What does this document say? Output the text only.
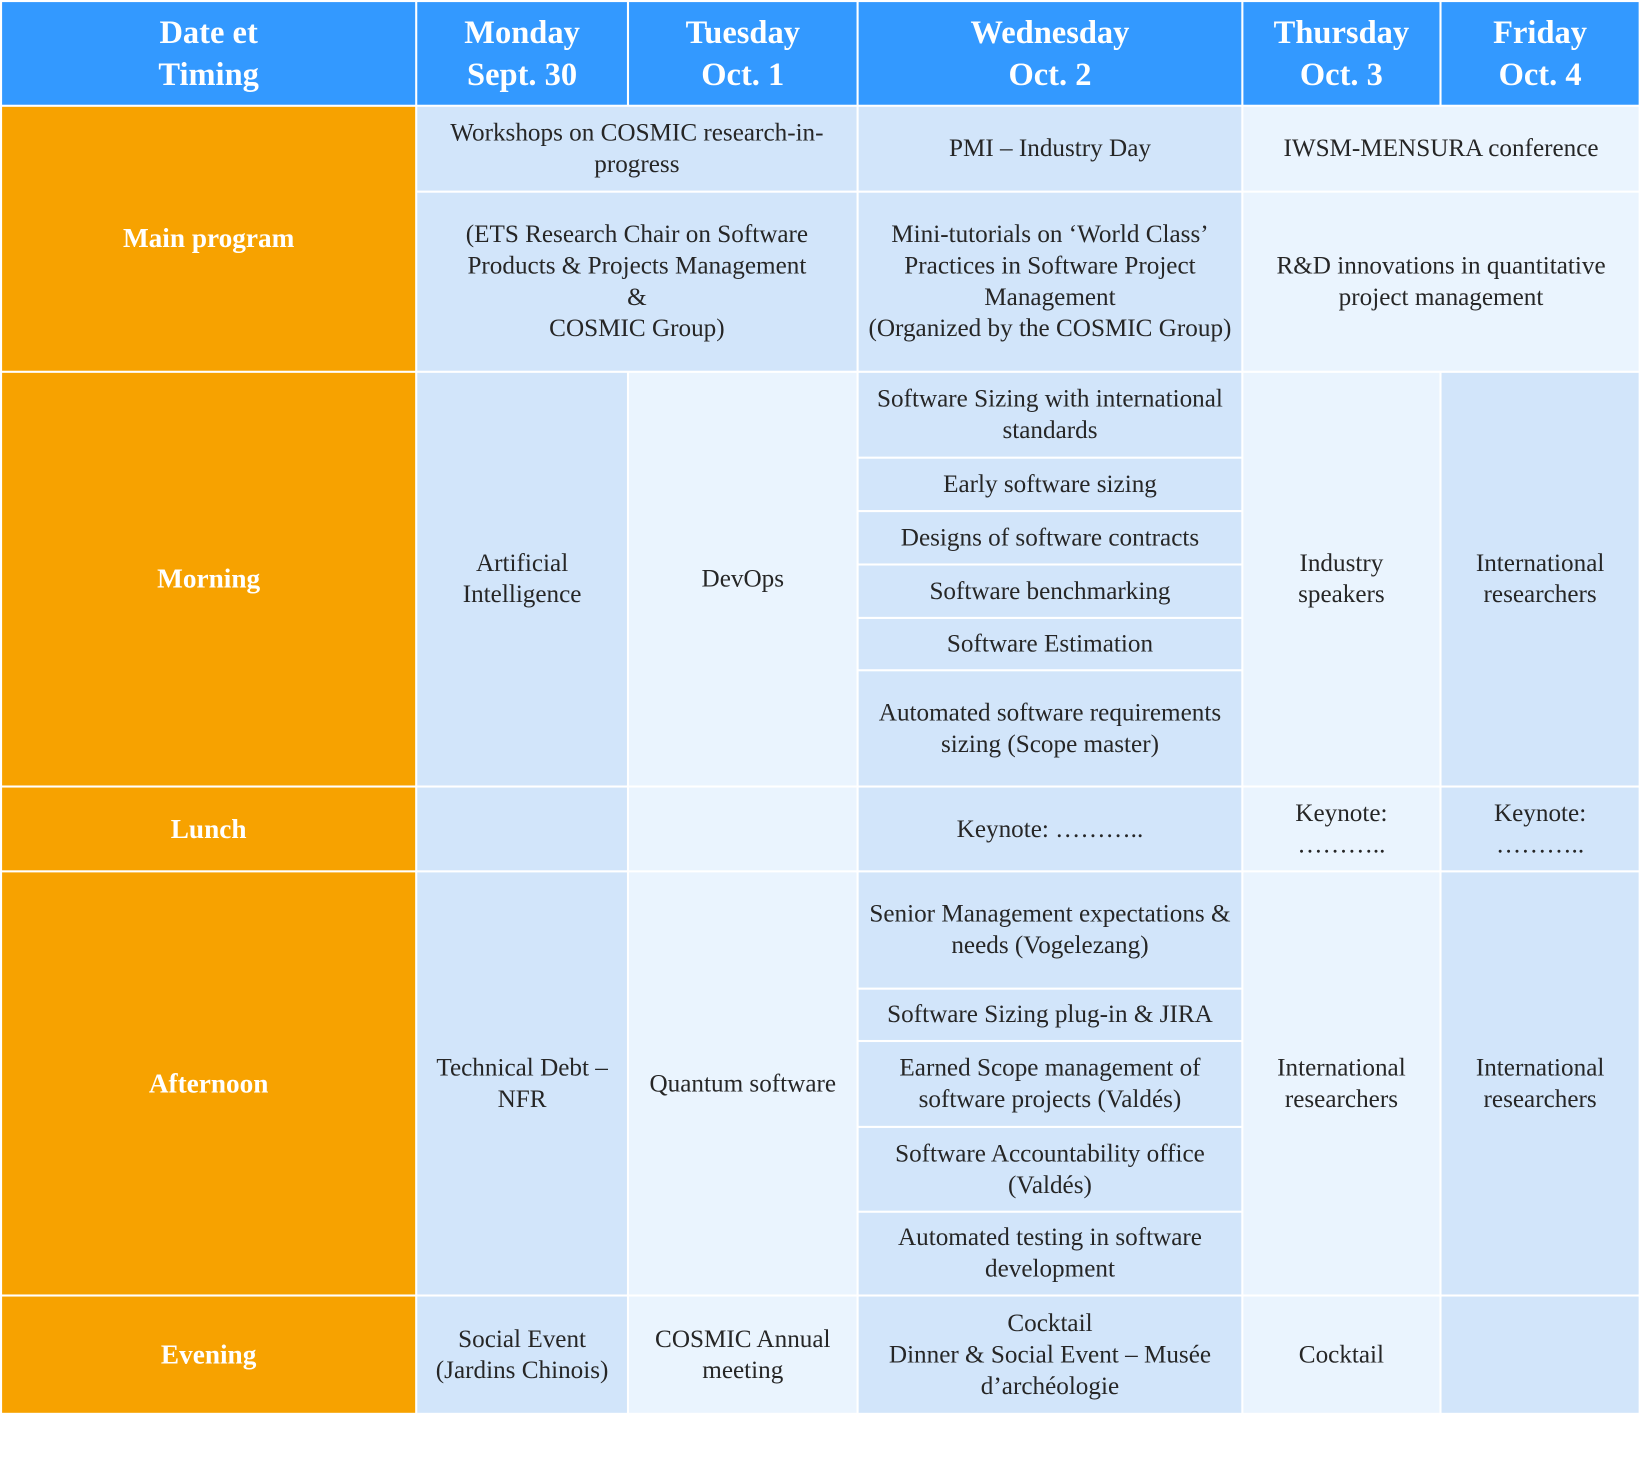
Date et
Timing
Monday
Sept. 30
Tuesday
Oct. 1
Wednesday
Oct. 2
Thursday
Oct. 3
Friday
Oct. 4
Main program
Morning
Lunch
Afternoon
Evening
Workshops on COSMIC research-in-progress
(ETS Research Chair on Software Products & Projects Management
&
COSMIC Group)
PMI – Industry Day
Mini-tutorials on ‘World Class’ Practices in Software Project Management
(Organized by the COSMIC Group)
IWSM-MENSURA conference
R&D innovations in quantitative project management
Artificial
Intelligence
DevOps
Software Sizing with international standards
Early software sizing
Designs of software contracts
Software benchmarking
Software Estimation
Automated software requirements sizing (Scope master)
Industry
speakers
International
researchers
Keynote: ………..
Keynote:
………..
Keynote:
………..
Technical Debt –
NFR
Quantum software
Senior Management expectations & needs (Vogelezang)
Software Sizing plug-in & JIRA
Earned Scope management of software projects (Valdés)
Software Accountability office (Valdés)
Automated testing in software development
International
researchers
International
researchers
Social Event
(Jardins Chinois)
COSMIC Annual
meeting
Cocktail
Dinner & Social Event – Musée d’archéologie
Cocktail
